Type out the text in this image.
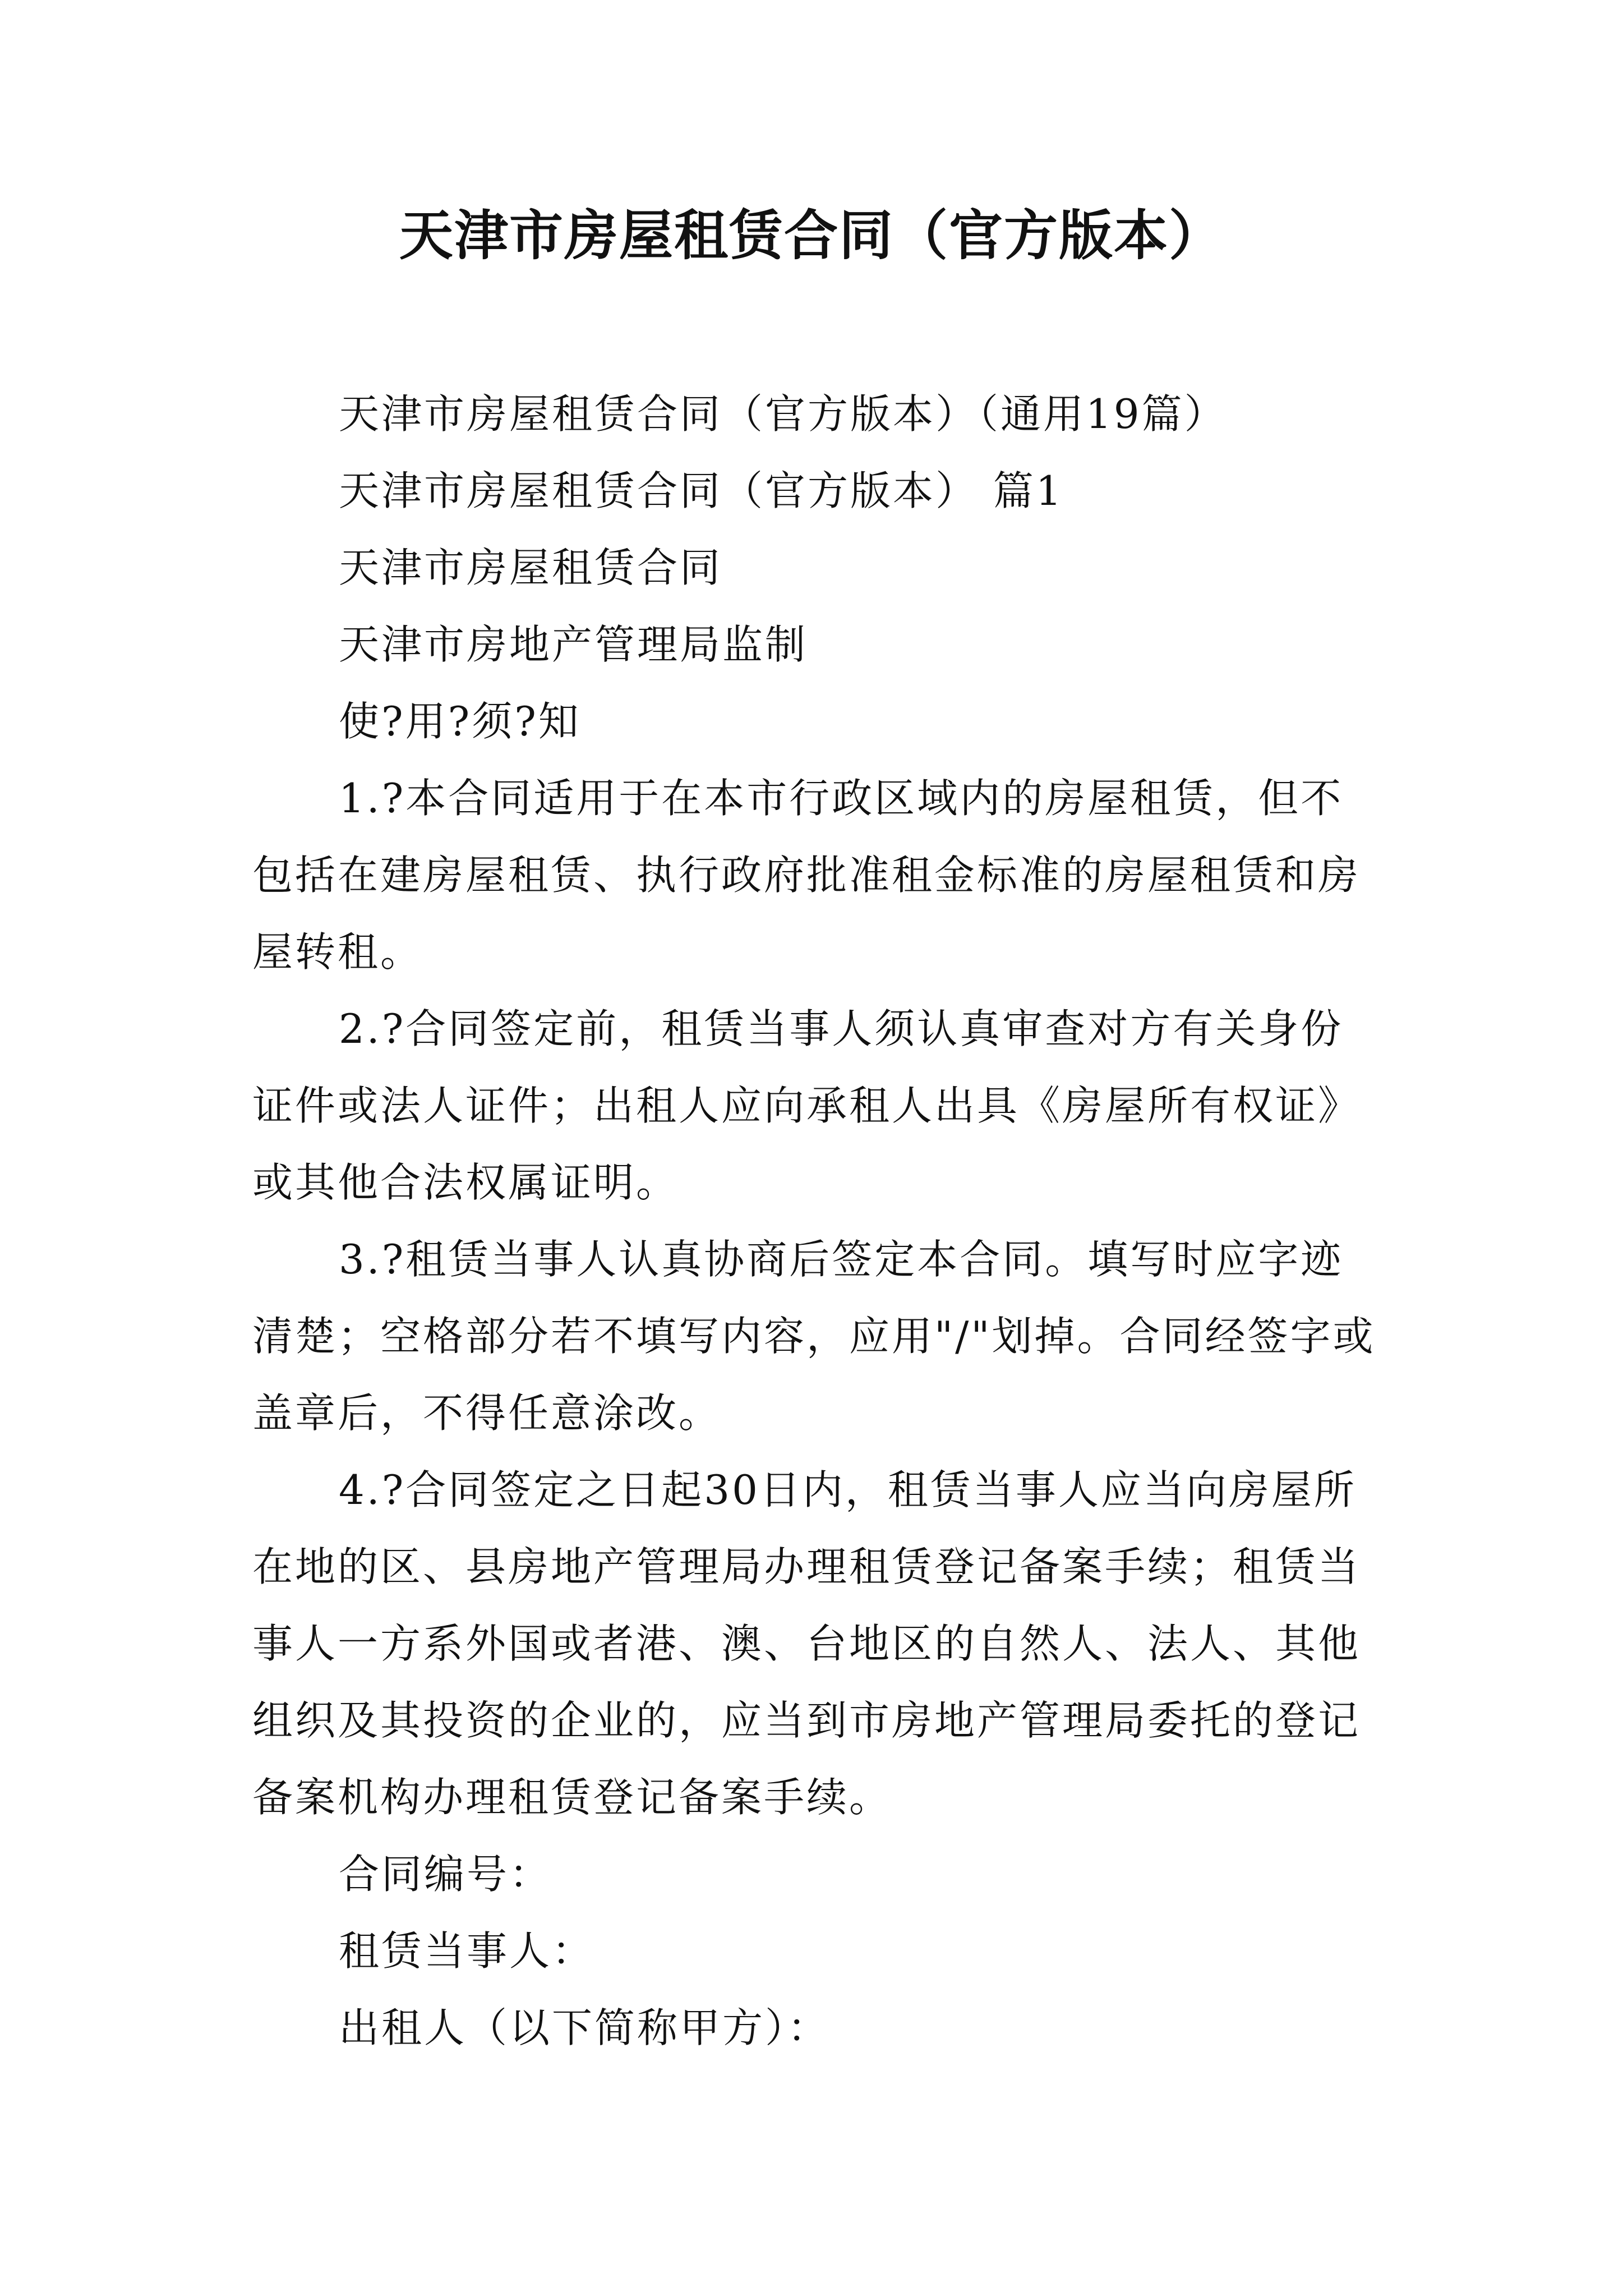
天津市房屋租赁合同（官方版本）

天津市房屋租赁合同（官方版本）（通用19篇）

天津市房屋租赁合同（官方版本） 篇1

天津市房屋租赁合同

天津市房地产管理局监制

使?用?须?知

1.?本合同适用于在本市行政区域内的房屋租赁，但不包括在建房屋租赁、执行政府批准租金标准的房屋租赁和房屋转租。

2.?合同签定前，租赁当事人须认真审查对方有关身份证件或法人证件；出租人应向承租人出具《房屋所有权证》或其他合法权属证明。

3.?租赁当事人认真协商后签定本合同。填写时应字迹清楚；空格部分若不填写内容，应用"/"划掉。合同经签字或盖章后，不得任意涂改。

4.?合同签定之日起30日内，租赁当事人应当向房屋所在地的区、县房地产管理局办理租赁登记备案手续；租赁当事人一方系外国或者港、澳、台地区的自然人、法人、其他组织及其投资的企业的，应当到市房地产管理局委托的登记备案机构办理租赁登记备案手续。

合同编号：

租赁当事人：

出租人（以下简称甲方）：
